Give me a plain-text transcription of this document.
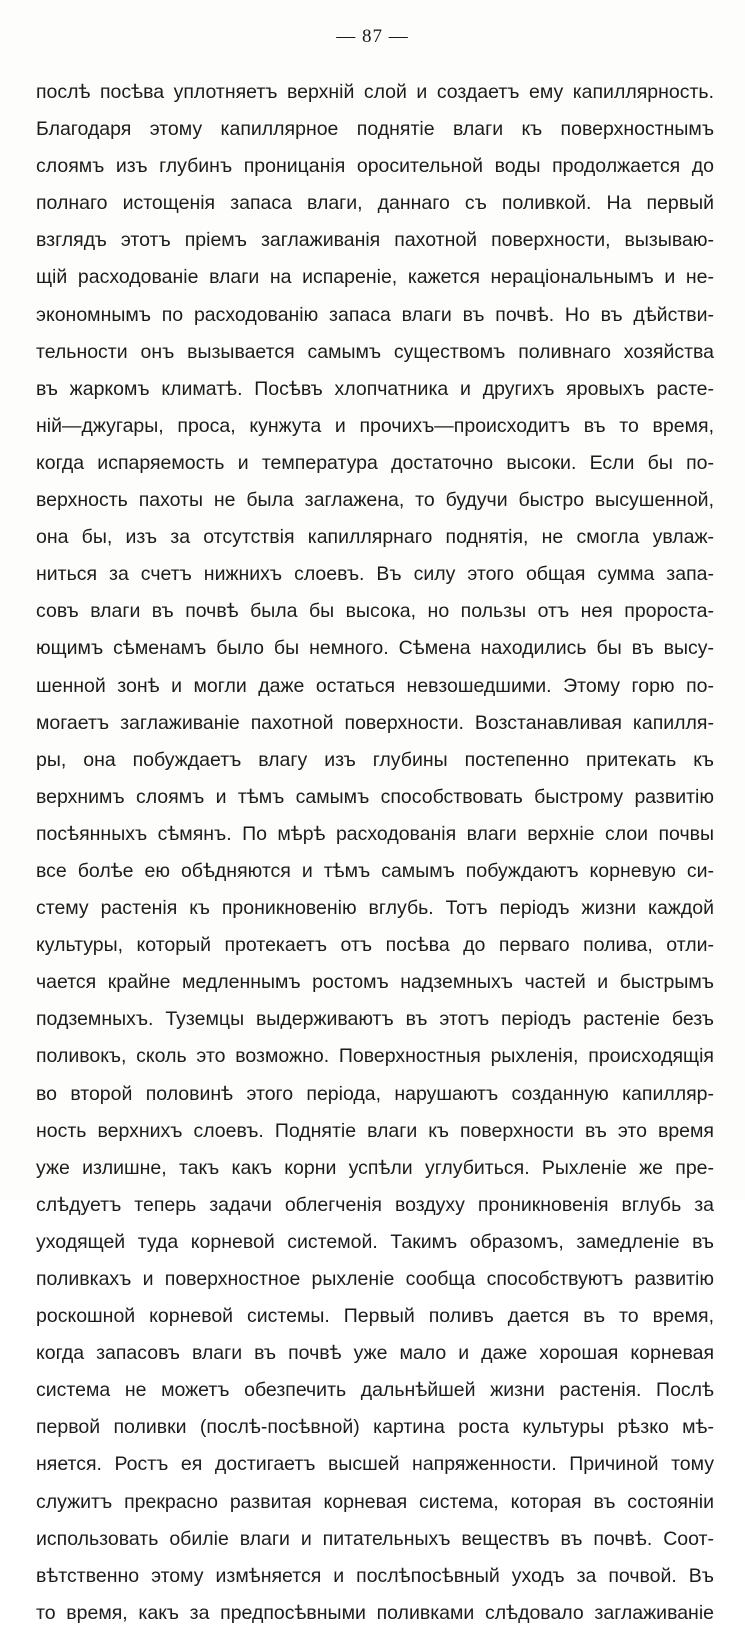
— 87 —
послѣ посѣва уплотняетъ верхній слой и создаетъ ему капиллярность.
Благодаря этому капиллярное поднятіе влаги къ поверхностнымъ
слоямъ изъ глубинъ проницанія оросительной воды продолжается до
полнаго истощенія запаса влаги, даннаго съ поливкой. На первый
взглядъ этотъ пріемъ заглаживанія пахотной поверхности, вызываю-
щій расходованіе влаги на испареніе, кажется нераціональнымъ и не-
экономнымъ по расходованію запаса влаги въ почвѣ. Но въ дѣйстви-
тельности онъ вызывается самымъ существомъ поливнаго хозяйства
въ жаркомъ климатѣ. Посѣвъ хлопчатника и другихъ яровыхъ расте-
ній—джугары, проса, кунжута и прочихъ—происходитъ въ то время,
когда испаряемость и температура достаточно высоки. Если бы по-
верхность пахоты не была заглажена, то будучи быстро высушенной,
она бы, изъ за отсутствія капиллярнаго поднятія, не смогла увлаж-
ниться за счетъ нижнихъ слоевъ. Въ силу этого общая сумма запа-
совъ влаги въ почвѣ была бы высока, но пользы отъ нея пророста-
ющимъ сѣменамъ было бы немного. Сѣмена находились бы въ высу-
шенной зонѣ и могли даже остаться невзошедшими. Этому горю по-
могаетъ заглаживаніе пахотной поверхности. Возстанавливая капилля-
ры, она побуждаетъ влагу изъ глубины постепенно притекать къ
верхнимъ слоямъ и тѣмъ самымъ способствовать быстрому развитію
посѣянныхъ сѣмянъ. По мѣрѣ расходованія влаги верхніе слои почвы
все болѣе ею обѣдняются и тѣмъ самымъ побуждаютъ корневую си-
стему растенія къ проникновенію вглубь. Тотъ періодъ жизни каждой
культуры, который протекаетъ отъ посѣва до перваго полива, отли-
чается крайне медленнымъ ростомъ надземныхъ частей и быстрымъ
подземныхъ. Туземцы выдерживаютъ въ этотъ періодъ растеніе безъ
поливокъ, сколь это возможно. Поверхностныя рыхленія, происходящія
во второй половинѣ этого періода, нарушаютъ созданную капилляр-
ность верхнихъ слоевъ. Поднятіе влаги къ поверхности въ это время
уже излишне, такъ какъ корни успѣли углубиться. Рыхленіе же пре-
слѣдуетъ теперь задачи облегченія воздуху проникновенія вглубь за
уходящей туда корневой системой. Такимъ образомъ, замедленіе въ
поливкахъ и поверхностное рыхленіе сообща способствуютъ развитію
роскошной корневой системы. Первый поливъ дается въ то время,
когда запасовъ влаги въ почвѣ уже мало и даже хорошая корневая
система не можетъ обезпечить дальнѣйшей жизни растенія. Послѣ
первой поливки (послѣ-посѣвной) картина роста культуры рѣзко мѣ-
няется. Ростъ ея достигаетъ высшей напряженности. Причиной тому
служитъ прекрасно развитая корневая система, которая въ состояніи
использовать обиліе влаги и питательныхъ веществъ въ почвѣ. Соот-
вѣтственно этому измѣняется и послѣпосѣвный уходъ за почвой. Въ
то время, какъ за предпосѣвными поливками слѣдовало заглаживаніе
